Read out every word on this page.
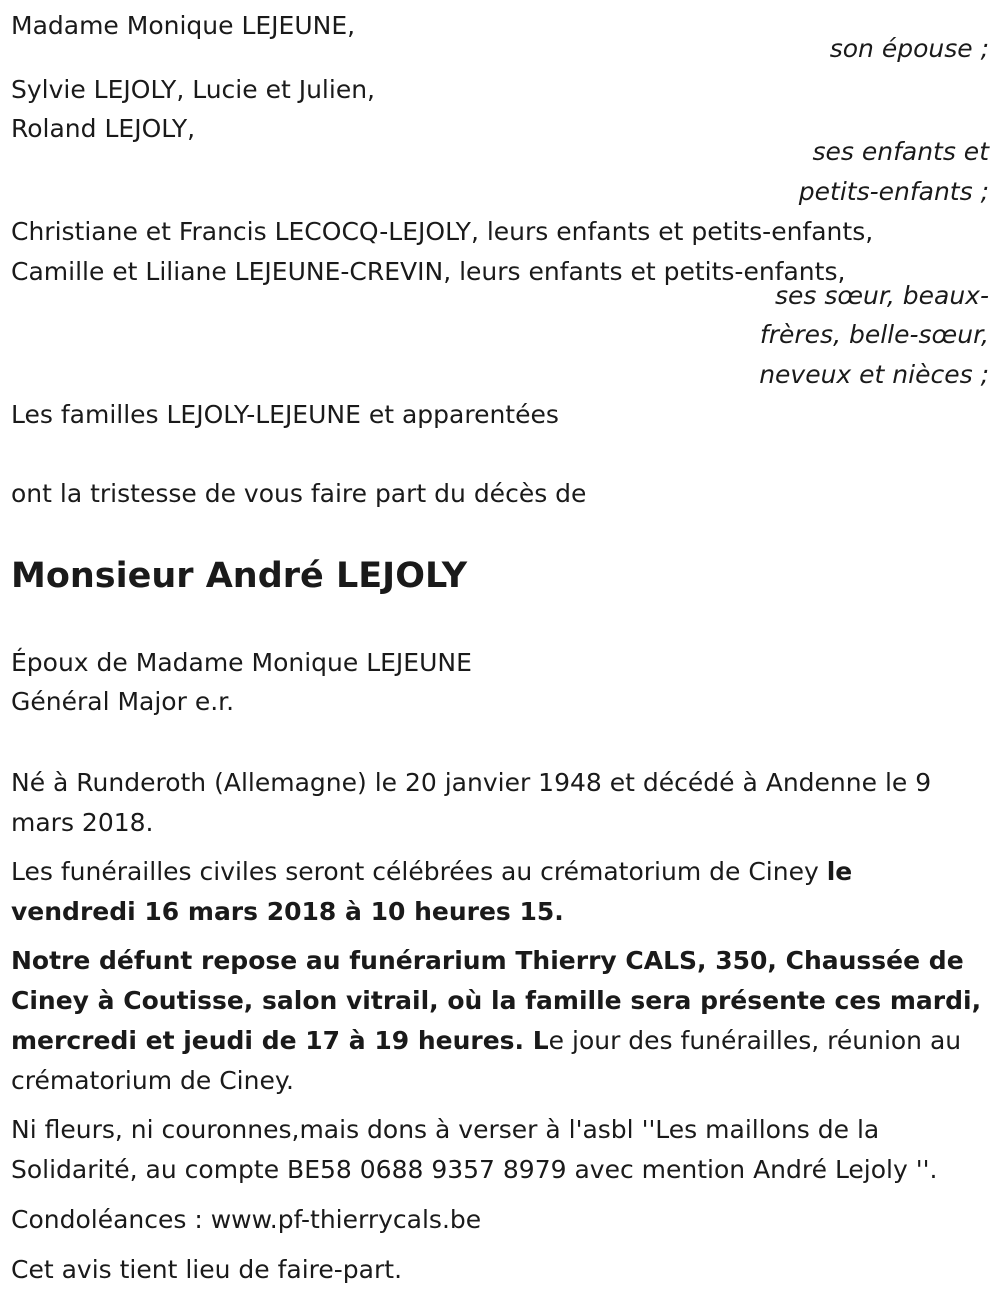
Madame Monique LEJEUNE,
son épouse ;
Sylvie LEJOLY, Lucie et Julien,
Roland LEJOLY,
ses enfants et
petits-enfants ;
Christiane et Francis LECOCQ-LEJOLY, leurs enfants et petits-enfants,
Camille et Liliane LEJEUNE-CREVIN, leurs enfants et petits-enfants,
ses sœur, beaux-
frères, belle-sœur,
neveux et nièces ;
Les familles LEJOLY-LEJEUNE et apparentées
ont la tristesse de vous faire part du décès de
Monsieur André LEJOLY
Époux de Madame Monique LEJEUNE
Général Major e.r.
Né à Runderoth (Allemagne) le 20 janvier 1948 et décédé à Andenne le 9
mars 2018.
Les funérailles civiles seront célébrées au crématorium de Ciney le
vendredi 16 mars 2018 à 10 heures 15.
Notre défunt repose au funérarium Thierry CALS, 350, Chaussée de
Ciney à Coutisse, salon vitrail, où la famille sera présente ces mardi,
mercredi et jeudi de 17 à 19 heures. Le jour des funérailles, réunion au
crématorium de Ciney.
Ni fleurs, ni couronnes,mais dons à verser à l'asbl ''Les maillons de la
Solidarité, au compte BE58 0688 9357 8979 avec mention André Lejoly ''.
Condoléances : www.pf-thierrycals.be
Cet avis tient lieu de faire-part.
